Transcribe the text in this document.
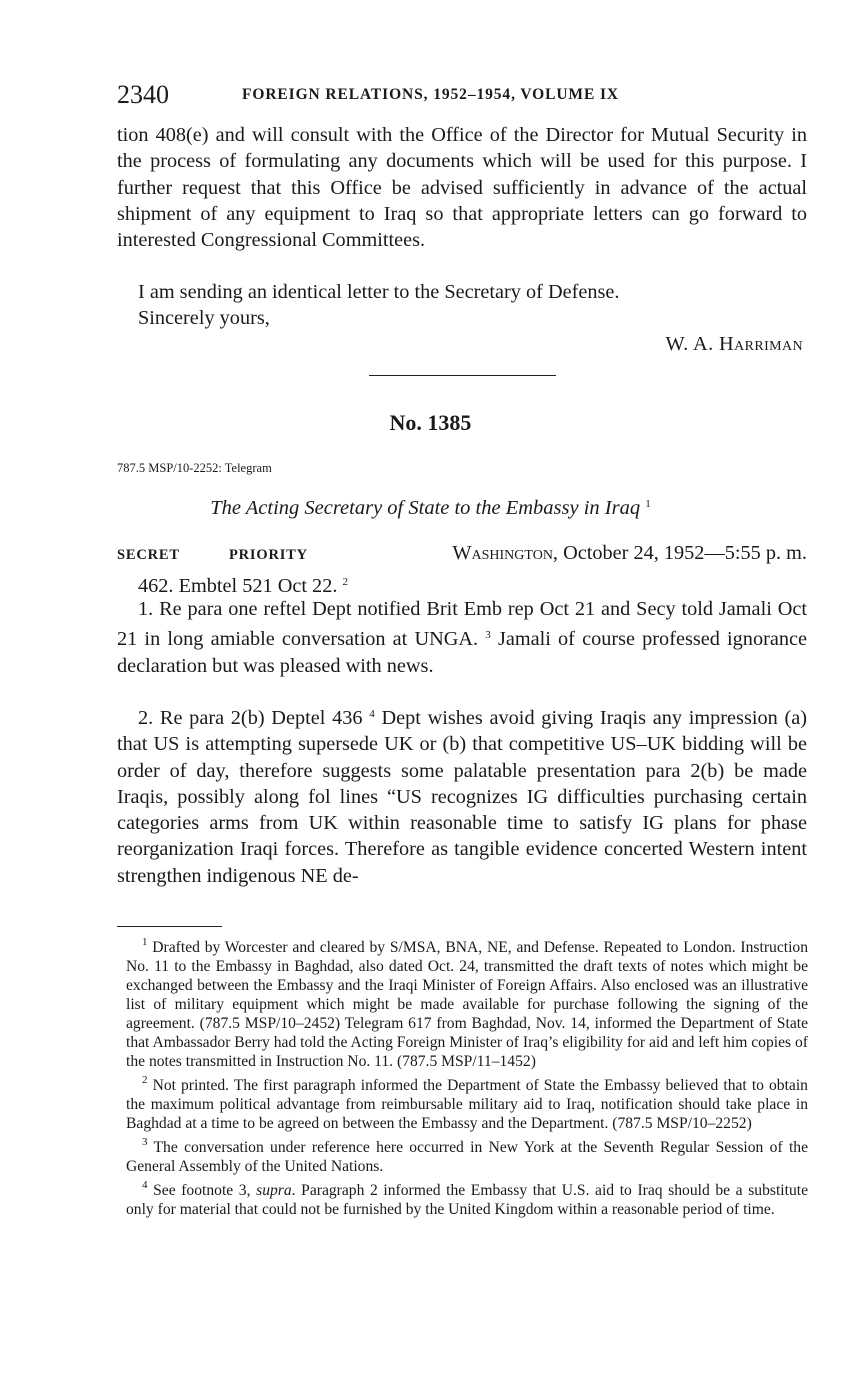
2340	FOREIGN RELATIONS, 1952–1954, VOLUME IX

tion 408(e) and will consult with the Office of the Director for Mutual Security in the process of formulating any documents which will be used for this purpose. I further request that this Office be advised sufficiently in advance of the actual shipment of any equipment to Iraq so that appropriate letters can go forward to interested Congressional Committees.

I am sending an identical letter to the Secretary of Defense.

Sincerely yours,

W. A. Harriman
No. 1385
787.5 MSP/10-2252: Telegram
The Acting Secretary of State to the Embassy in Iraq $^1$
SECRET	PRIORITY	Washington, October 24, 1952—5:55 p. m.

462. Embtel 521 Oct 22. $^2$

1. Re para one reftel Dept notified Brit Emb rep Oct 21 and Secy told Jamali Oct 21 in long amiable conversation at UNGA. $^3$ Jamali of course professed ignorance declaration but was pleased with news.

2. Re para 2(b) Deptel 436 $^4$ Dept wishes avoid giving Iraqis any impression (a) that US is attempting supersede UK or (b) that competitive US–UK bidding will be order of day, therefore suggests some palatable presentation para 2(b) be made Iraqis, possibly along fol lines “US recognizes IG difficulties purchasing certain categories arms from UK within reasonable time to satisfy IG plans for phase reorganization Iraqi forces. Therefore as tangible evidence concerted Western intent strengthen indigenous NE de-

$^1$ Drafted by Worcester and cleared by S/MSA, BNA, NE, and Defense. Repeated to London. Instruction No. 11 to the Embassy in Baghdad, also dated Oct. 24, transmitted the draft texts of notes which might be exchanged between the Embassy and the Iraqi Minister of Foreign Affairs. Also enclosed was an illustrative list of military equipment which might be made available for purchase following the signing of the agreement. (787.5 MSP/10–2452) Telegram 617 from Baghdad, Nov. 14, informed the Department of State that Ambassador Berry had told the Acting Foreign Minister of Iraq’s eligibility for aid and left him copies of the notes transmitted in Instruction No. 11. (787.5 MSP/11–1452)

$^2$ Not printed. The first paragraph informed the Department of State the Embassy believed that to obtain the maximum political advantage from reimbursable military aid to Iraq, notification should take place in Baghdad at a time to be agreed on between the Embassy and the Department. (787.5 MSP/10–2252)

$^3$ The conversation under reference here occurred in New York at the Seventh Regular Session of the General Assembly of the United Nations.

$^4$ See footnote 3, supra. Paragraph 2 informed the Embassy that U.S. aid to Iraq should be a substitute only for material that could not be furnished by the United Kingdom within a reasonable period of time.
